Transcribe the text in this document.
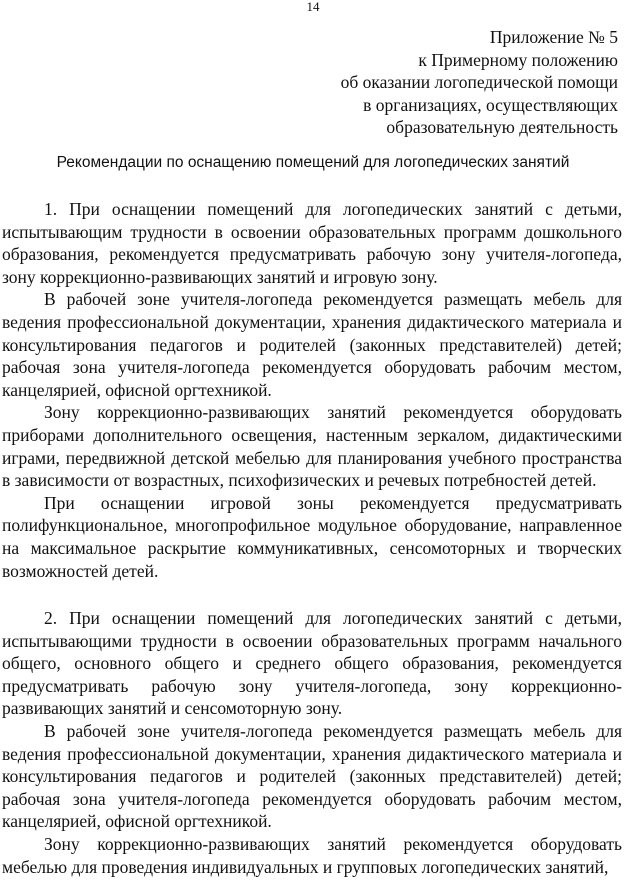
14
Приложение № 5
к Примерному положению
об оказании логопедической помощи
в организациях, осуществляющих
образовательную деятельность
Рекомендации по оснащению помещений для логопедических занятий

1. При оснащении помещений для логопедических занятий с детьми, испытывающим трудности в освоении образовательных программ дошкольного образования, рекомендуется предусматривать рабочую зону учителя-логопеда, зону коррекционно-развивающих занятий и игровую зону.

В рабочей зоне учителя-логопеда рекомендуется размещать мебель для ведения профессиональной документации, хранения дидактического материала и консультирования педагогов и родителей (законных представителей) детей; рабочая зона учителя-логопеда рекомендуется оборудовать рабочим местом, канцелярией, офисной оргтехникой.

Зону коррекционно-развивающих занятий рекомендуется оборудовать приборами дополнительного освещения, настенным зеркалом, дидактическими играми, передвижной детской мебелью для планирования учебного пространства в зависимости от возрастных, психофизических и речевых потребностей детей.

При оснащении игровой зоны рекомендуется предусматривать полифункциональное, многопрофильное модульное оборудование, направленное на максимальное раскрытие коммуникативных, сенсомоторных и творческих возможностей детей.

2. При оснащении помещений для логопедических занятий с детьми, испытывающими трудности в освоении образовательных программ начального общего, основного общего и среднего общего образования, рекомендуется предусматривать рабочую зону учителя-логопеда, зону коррекционно-развивающих занятий и сенсомоторную зону.

В рабочей зоне учителя-логопеда рекомендуется размещать мебель для ведения профессиональной документации, хранения дидактического материала и консультирования педагогов и родителей (законных представителей) детей; рабочая зона учителя-логопеда рекомендуется оборудовать рабочим местом, канцелярией, офисной оргтехникой.

Зону коррекционно-развивающих занятий рекомендуется оборудовать мебелью для проведения индивидуальных и групповых логопедических занятий,
